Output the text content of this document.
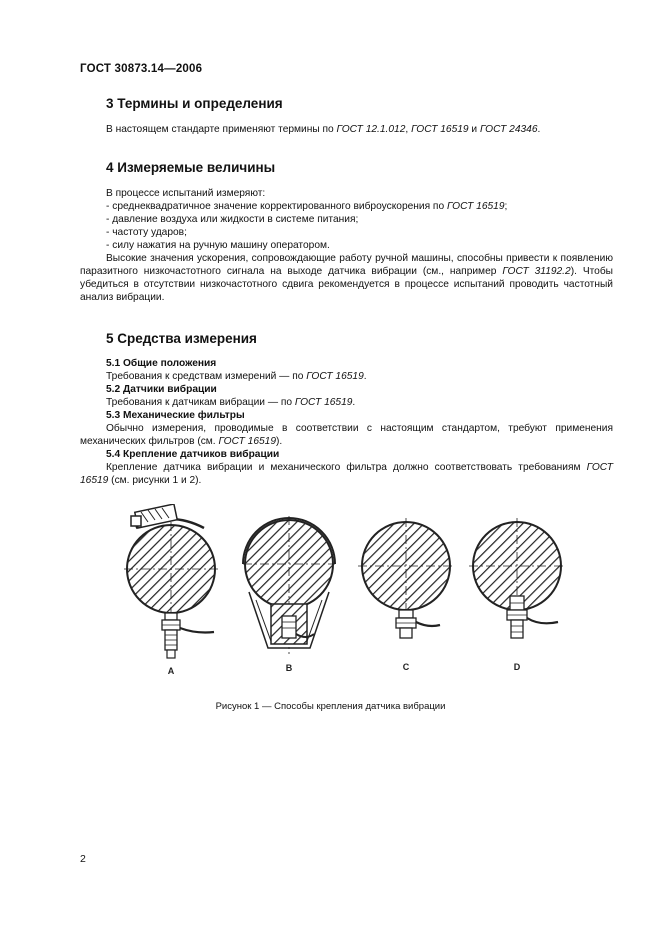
ГОСТ 30873.14—2006
3 Термины и определения
В настоящем стандарте применяют термины по ГОСТ 12.1.012, ГОСТ 16519 и ГОСТ 24346.
4 Измеряемые величины
В процессе испытаний измеряют:
- среднеквадратичное значение корректированного виброускорения по ГОСТ 16519;
- давление воздуха или жидкости в системе питания;
- частоту ударов;
- силу нажатия на ручную машину оператором.
Высокие значения ускорения, сопровождающие работу ручной машины, способны привести к появлению паразитного низкочастотного сигнала на выходе датчика вибрации (см., например ГОСТ 31192.2). Чтобы убедиться в отсутствии низкочастотного сдвига рекомендуется в процессе испытаний проводить частотный анализ вибрации.
5 Средства измерения
5.1 Общие положения
Требования к средствам измерений — по ГОСТ 16519.
5.2 Датчики вибрации
Требования к датчикам вибрации — по ГОСТ 16519.
5.3 Механические фильтры
Обычно измерения, проводимые в соответствии с настоящим стандартом, требуют применения механических фильтров (см. ГОСТ 16519).
5.4 Крепление датчиков вибрации
Крепление датчика вибрации и механического фильтра должно соответствовать требованиям ГОСТ 16519 (см. рисунки 1 и 2).
A	B	C	D
Рисунок 1 — Способы крепления датчика вибрации
2
